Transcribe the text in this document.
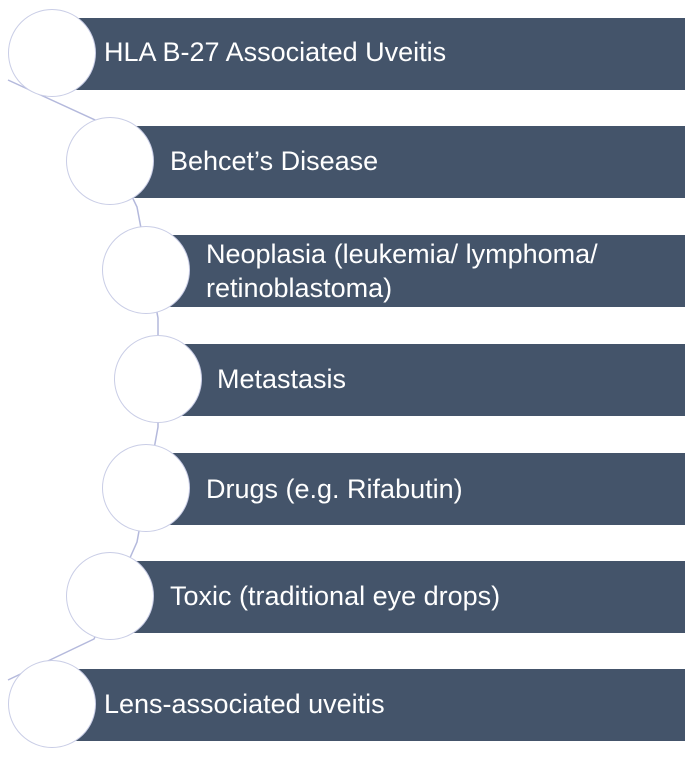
HLA B-27 Associated Uveitis
Behcet’s Disease
Neoplasia (leukemia/ lymphoma/
retinoblastoma)
Metastasis
Drugs (e.g. Rifabutin)
Toxic (traditional eye drops)
Lens-associated uveitis
